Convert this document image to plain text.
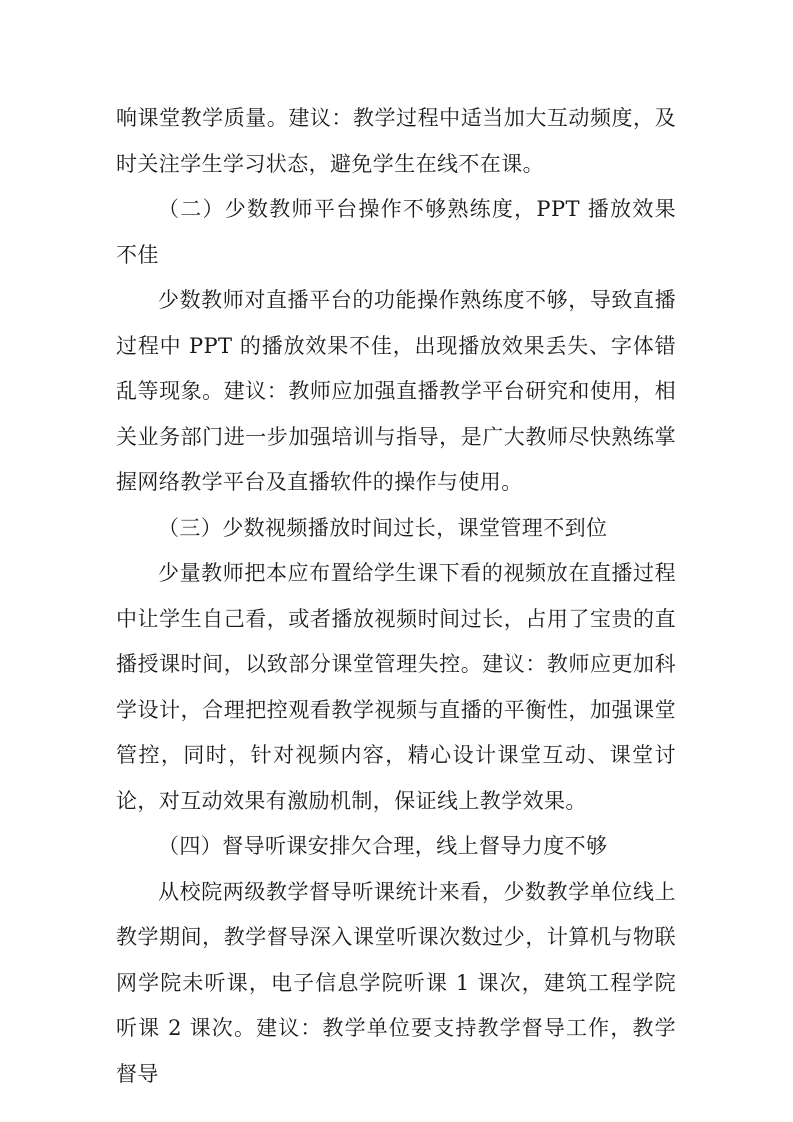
响课堂教学质量。建议：教学过程中适当加大互动频度，及时关注学生学习状态，避免学生在线不在课。

（二）少数教师平台操作不够熟练度，PPT 播放效果不佳

少数教师对直播平台的功能操作熟练度不够，导致直播过程中 PPT 的播放效果不佳，出现播放效果丢失、字体错乱等现象。建议：教师应加强直播教学平台研究和使用，相关业务部门进一步加强培训与指导，是广大教师尽快熟练掌握网络教学平台及直播软件的操作与使用。

（三）少数视频播放时间过长，课堂管理不到位

少量教师把本应布置给学生课下看的视频放在直播过程中让学生自己看，或者播放视频时间过长，占用了宝贵的直播授课时间，以致部分课堂管理失控。建议：教师应更加科学设计，合理把控观看教学视频与直播的平衡性，加强课堂管控，同时，针对视频内容，精心设计课堂互动、课堂讨论，对互动效果有激励机制，保证线上教学效果。

（四）督导听课安排欠合理，线上督导力度不够

从校院两级教学督导听课统计来看，少数教学单位线上教学期间，教学督导深入课堂听课次数过少，计算机与物联网学院未听课，电子信息学院听课 1 课次，建筑工程学院听课 2 课次。建议：教学单位要支持教学督导工作，教学督导
